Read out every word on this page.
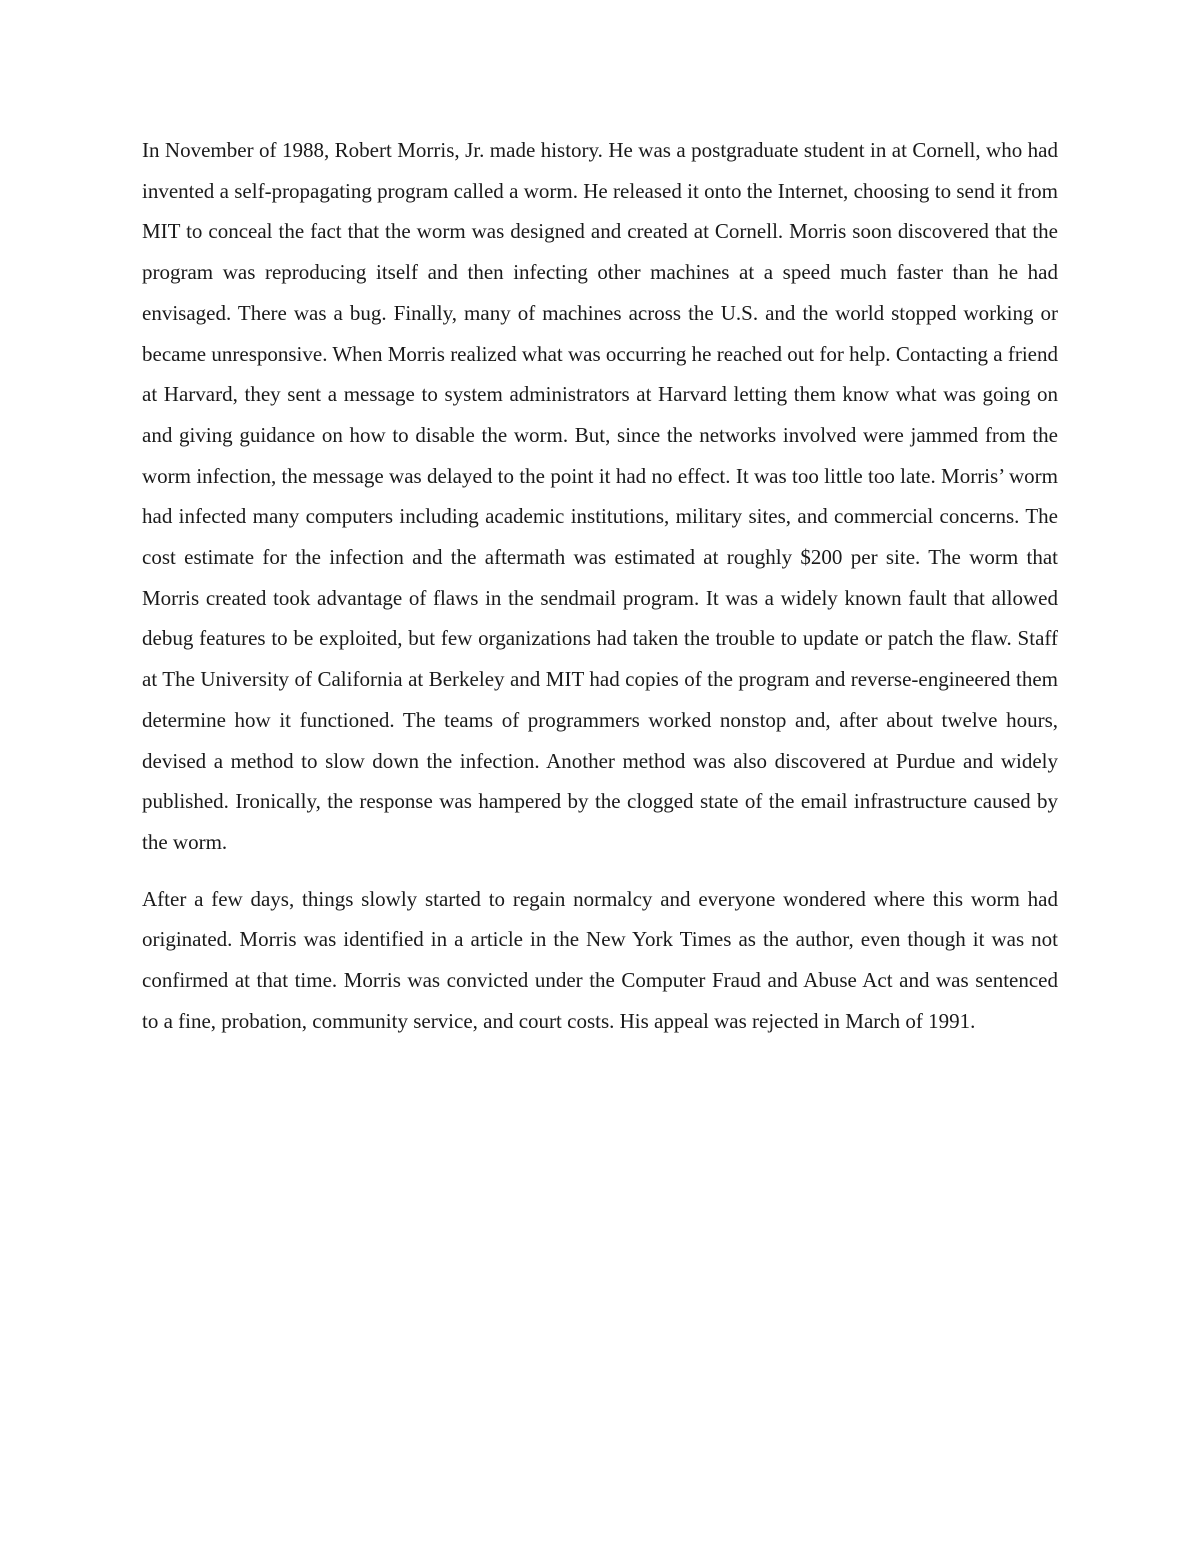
In November of 1988, Robert Morris, Jr. made history. He was a postgraduate student in at Cornell, who had invented a self-propagating program called a worm. He released it onto the Internet, choosing to send it from MIT to conceal the fact that the worm was designed and created at Cornell. Morris soon discovered that the program was reproducing itself and then infecting other machines at a speed much faster than he had envisaged. There was a bug. Finally, many of machines across the U.S. and the world stopped working or became unresponsive. When Morris realized what was occurring he reached out for help. Contacting a friend at Harvard, they sent a message to system administrators at Harvard letting them know what was going on and giving guidance on how to disable the worm. But, since the networks involved were jammed from the worm infection, the message was delayed to the point it had no effect. It was too little too late. Morris’ worm had infected many computers including academic institutions, military sites, and commercial concerns. The cost estimate for the infection and the aftermath was estimated at roughly $200 per site. The worm that Morris created took advantage of flaws in the sendmail program. It was a widely known fault that allowed debug features to be exploited, but few organizations had taken the trouble to update or patch the flaw. Staff at The University of California at Berkeley and MIT had copies of the program and reverse-engineered them determine how it functioned. The teams of programmers worked nonstop and, after about twelve hours, devised a method to slow down the infection. Another method was also discovered at Purdue and widely published. Ironically, the response was hampered by the clogged state of the email infrastructure caused by the worm.

After a few days, things slowly started to regain normalcy and everyone wondered where this worm had originated. Morris was identified in a article in the New York Times as the author, even though it was not confirmed at that time. Morris was convicted under the Computer Fraud and Abuse Act and was sentenced to a fine, probation, community service, and court costs. His appeal was rejected in March of 1991.
